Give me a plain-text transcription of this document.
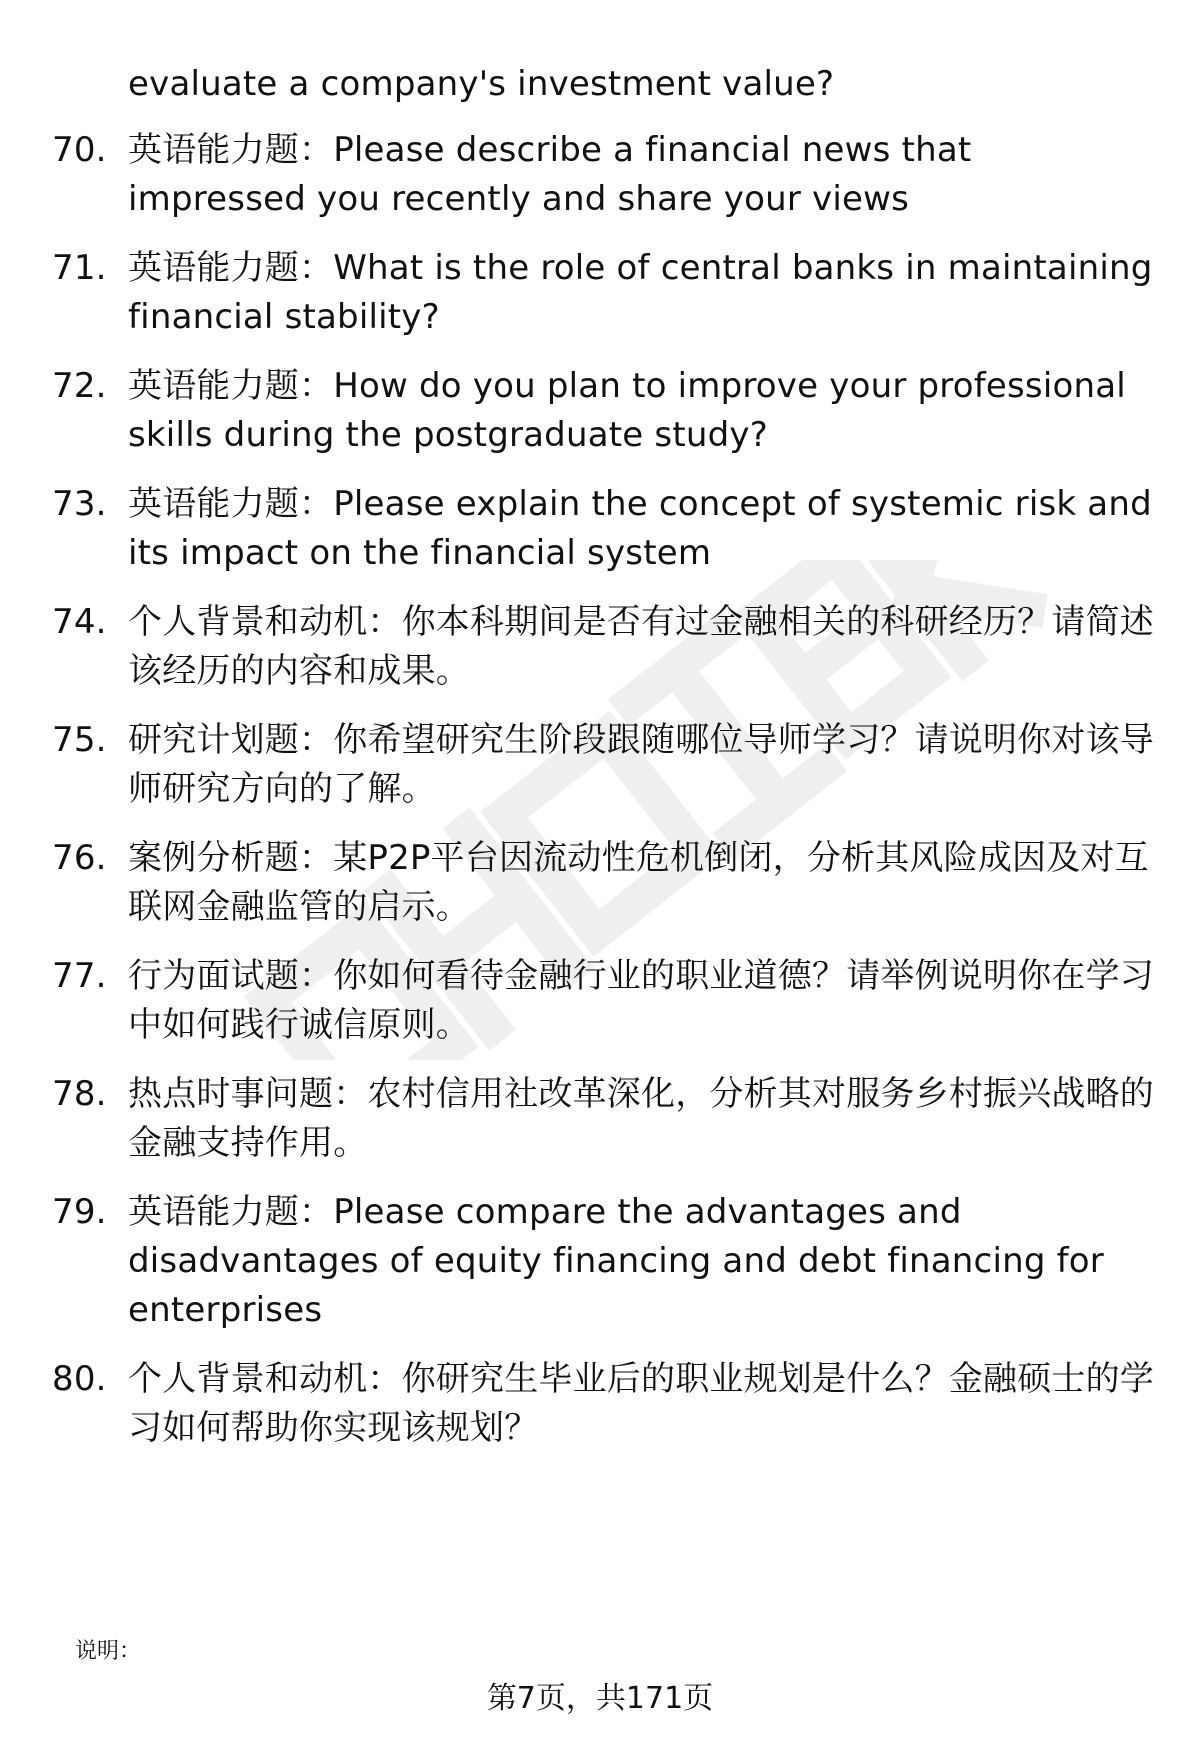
evaluate a company's investment value?
70. 英语能力题：Please describe a financial news that impressed you recently and share your views
71. 英语能力题：What is the role of central banks in maintaining financial stability?
72. 英语能力题：How do you plan to improve your professional skills during the postgraduate study?
73. 英语能力题：Please explain the concept of systemic risk and its impact on the financial system
74. 个人背景和动机：你本科期间是否有过金融相关的科研经历？请简述该经历的内容和成果。
75. 研究计划题：你希望研究生阶段跟随哪位导师学习？请说明你对该导师研究方向的了解。
76. 案例分析题：某P2P平台因流动性危机倒闭，分析其风险成因及对互联网金融监管的启示。
77. 行为面试题：你如何看待金融行业的职业道德？请举例说明你在学习中如何践行诚信原则。
78. 热点时事问题：农村信用社改革深化，分析其对服务乡村振兴战略的金融支持作用。
79. 英语能力题：Please compare the advantages and disadvantages of equity financing and debt financing for enterprises
80. 个人背景和动机：你研究生毕业后的职业规划是什么？金融硕士的学习如何帮助你实现该规划？
说明：
第7页，共171页
